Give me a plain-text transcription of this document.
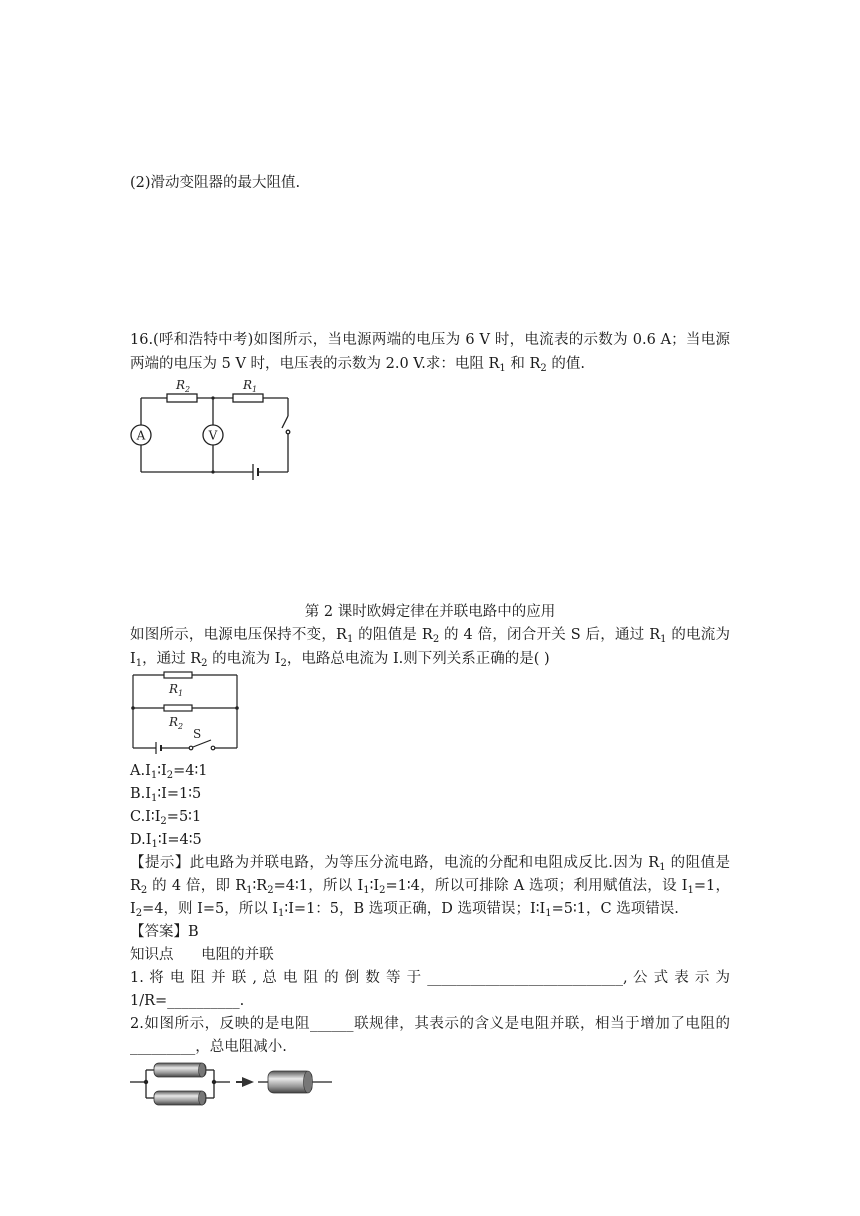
(2)滑动变阻器的最大阻值.
16.(呼和浩特中考)如图所示，当电源两端的电压为 6 V 时，电流表的示数为 0.6 A；当电源
两端的电压为 5 V 时，电压表的示数为 2.0 V.求：电阻 $R_1$ 和 $R_2$ 的值.
$R_2$	$R_1$
A	V
第 2 课时欧姆定律在并联电路中的应用
如图所示，电源电压保持不变，$R_1$ 的阻值是 $R_2$ 的 4 倍，闭合开关 S 后，通过 $R_1$ 的电流为
$I_1$，通过 $R_2$ 的电流为 $I_2$，电路总电流为 I.则下列关系正确的是( )
$R_1$
$R_2$
S
$A.I_1∶I_2=4∶1$
$B.I_1∶I=1∶5$
$C.I∶I_2=5∶1$
$D.I_1∶I=4∶5$
【提示】此电路为并联电路，为等压分流电路，电流的分配和电阻成反比.因为 $R_1$ 的阻值是
$R_2$ 的 4 倍，即 $R_1∶R_2=4∶1$，所以 $I_1∶I_2=1∶4$，所以可排除 A 选项；利用赋值法，设 $I_1=1$，
$I_2=4$，则 I=5，所以 $I_1∶I=1$：5，B 选项正确，D 选项错误；$I∶I_1=5∶1$，C 选项错误.
【答案】B
知识点      电阻的并联
1. 将 电 阻 并 联 , 总 电 阻 的 倒 数 等 于 ___________________________, 公 式 表 示 为
1/R=__________.
2.如图所示，反映的是电阻______联规律，其表示的含义是电阻并联，相当于增加了电阻的
_________，总电阻减小.
